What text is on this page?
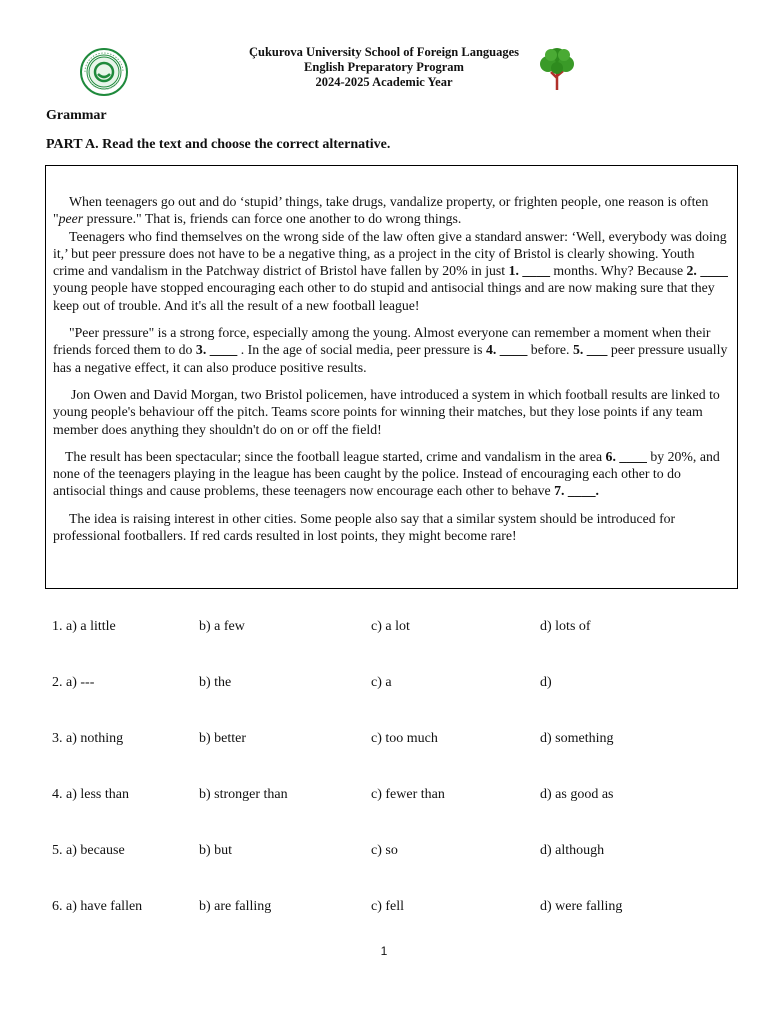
Çukurova University School of Foreign Languages
English Preparatory Program
2024-2025 Academic Year
Grammar
PART A. Read the text and choose the correct alternative.

When teenagers go out and do ‘stupid’ things, take drugs, vandalize property, or frighten people, one reason is often "peer pressure." That is, friends can force one another to do wrong things.

Teenagers who find themselves on the wrong side of the law often give a standard answer: ‘Well, everybody was doing it,’ but peer pressure does not have to be a negative thing, as a project in the city of Bristol is clearly showing. Youth crime and vandalism in the Patchway district of Bristol have fallen by 20% in just 1. ____ months. Why? Because 2. ____ young people have stopped encouraging each other to do stupid and antisocial things and are now making sure that they keep out of trouble. And it's all the result of a new football league!

"Peer pressure" is a strong force, especially among the young. Almost everyone can remember a moment when their friends forced them to do 3. ____ . In the age of social media, peer pressure is 4. ____ before. 5. ___ peer pressure usually has a negative effect, it can also produce positive results.

Jon Owen and David Morgan, two Bristol policemen, have introduced a system in which football results are linked to young people's behaviour off the pitch. Teams score points for winning their matches, but they lose points if any team member does anything they shouldn't do on or off the field!

The result has been spectacular; since the football league started, crime and vandalism in the area 6. ____ by 20%, and none of the teenagers playing in the league has been caught by the police. Instead of encouraging each other to do antisocial things and cause problems, these teenagers now encourage each other to behave 7. ____.

The idea is raising interest in other cities. Some people also say that a similar system should be introduced for professional footballers. If red cards resulted in lost points, they might become rare!

1. a) a little	b) a few	c) a lot	d) lots of
2. a) ---	b) the	c) a	d)
3. a) nothing	b) better	c) too much	d) something
4. a) less than	b) stronger than	c) fewer than	d) as good as
5. a) because	b) but	c) so	d) although
6. a) have fallen	b) are falling	c) fell	d) were falling
1
